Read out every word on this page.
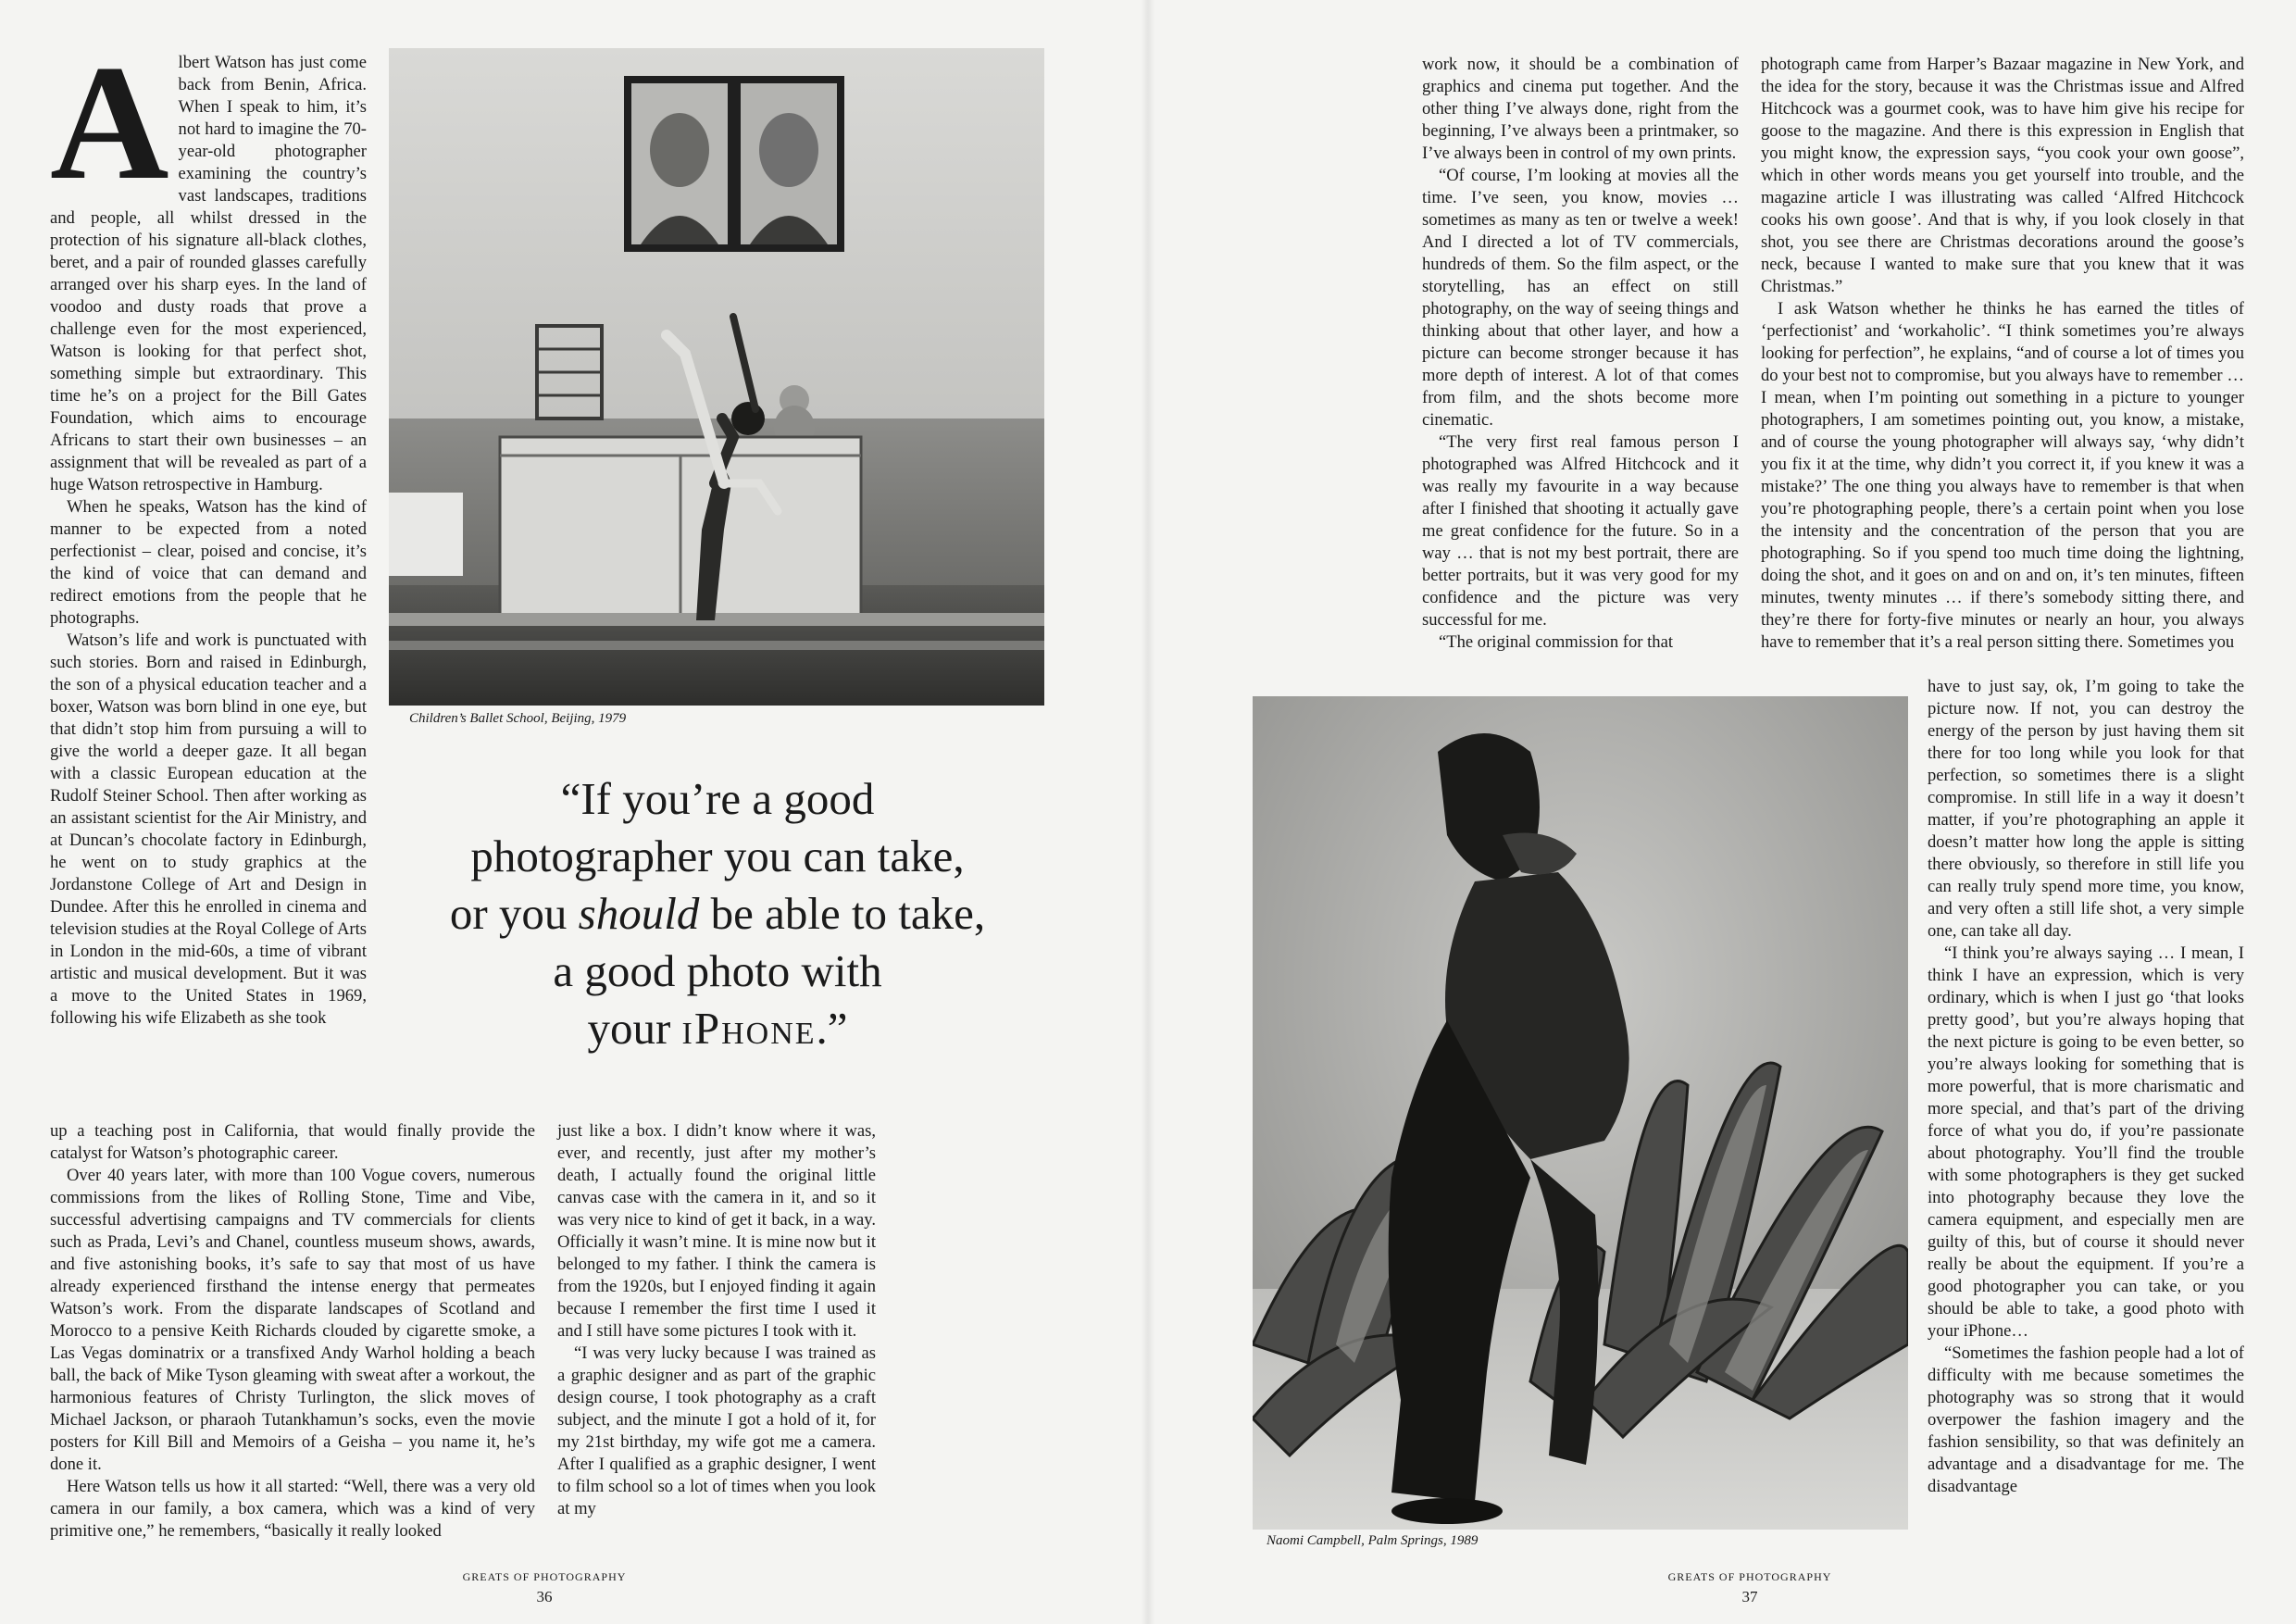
A lbert Watson has just come back from Benin, Africa. When I speak to him, it’s not hard to imagine the 70-year-old photographer examining the country’s vast landscapes, traditions and people, all whilst dressed in the protection of his signature all-black clothes, beret, and a pair of rounded glasses carefully arranged over his sharp eyes. In the land of voodoo and dusty roads that prove a challenge even for the most experienced, Watson is looking for that perfect shot, something simple but extraordinary. This time he’s on a project for the Bill Gates Foundation, which aims to encourage Africans to start their own businesses – an assignment that will be revealed as part of a huge Watson retrospective in Hamburg.

When he speaks, Watson has the kind of manner to be expected from a noted perfectionist – clear, poised and concise, it’s the kind of voice that can demand and redirect emotions from the people that he photographs.

Watson’s life and work is punctuated with such stories. Born and raised in Edinburgh, the son of a physical education teacher and a boxer, Watson was born blind in one eye, but that didn’t stop him from pursuing a will to give the world a deeper gaze. It all began with a classic European education at the Rudolf Steiner School. Then after working as an assistant scientist for the Air Ministry, and at Duncan’s chocolate factory in Edinburgh, he went on to study graphics at the Jordanstone College of Art and Design in Dundee. After this he enrolled in cinema and television studies at the Royal College of Arts in London in the mid-60s, a time of vibrant artistic and musical development. But it was a move to the United States in 1969, following his wife Elizabeth as she took

Children’s Ballet School, Beijing, 1979
“If you’re a good
photographer you can take,
or you should be able to take,
a good photo with
your iPhone.”

up a teaching post in California, that would finally provide the catalyst for Watson’s photographic career.

Over 40 years later, with more than 100 Vogue covers, numerous commissions from the likes of Rolling Stone, Time and Vibe, successful advertising campaigns and TV commercials for clients such as Prada, Levi’s and Chanel, countless museum shows, awards, and five astonishing books, it’s safe to say that most of us have already experienced firsthand the intense energy that permeates Watson’s work. From the disparate landscapes of Scotland and Morocco to a pensive Keith Richards clouded by cigarette smoke, a Las Vegas dominatrix or a transfixed Andy Warhol holding a beach ball, the back of Mike Tyson gleaming with sweat after a workout, the harmonious features of Christy Turlington, the slick moves of Michael Jackson, or pharaoh Tutankhamun’s socks, even the movie posters for Kill Bill and Memoirs of a Geisha – you name it, he’s done it.

Here Watson tells us how it all started: “Well, there was a very old camera in our family, a box camera, which was a kind of very primitive one,” he remembers, “basically it really looked

just like a box. I didn’t know where it was, ever, and recently, just after my mother’s death, I actually found the original little canvas case with the camera in it, and so it was very nice to kind of get it back, in a way. Officially it wasn’t mine. It is mine now but it belonged to my father. I think the camera is from the 1920s, but I enjoyed finding it again because I remember the first time I used it and I still have some pictures I took with it.

“I was very lucky because I was trained as a graphic designer and as part of the graphic design course, I took photography as a craft subject, and the minute I got a hold of it, for my 21st birthday, my wife got me a camera. After I qualified as a graphic designer, I went to film school so a lot of times when you look at my

GREATS OF PHOTOGRAPHY
36

work now, it should be a combination of graphics and cinema put together. And the other thing I’ve always done, right from the beginning, I’ve always been a printmaker, so I’ve always been in control of my own prints.

“Of course, I’m looking at movies all the time. I’ve seen, you know, movies … sometimes as many as ten or twelve a week! And I directed a lot of TV commercials, hundreds of them. So the film aspect, or the storytelling, has an effect on still photography, on the way of seeing things and thinking about that other layer, and how a picture can become stronger because it has more depth of interest. A lot of that comes from film, and the shots become more cinematic.

“The very first real famous person I photographed was Alfred Hitchcock and it was really my favourite in a way because after I finished that shooting it actually gave me great confidence for the future. So in a way … that is not my best portrait, there are better portraits, but it was very good for my confidence and the picture was very successful for me.

“The original commission for that

photograph came from Harper’s Bazaar magazine in New York, and the idea for the story, because it was the Christmas issue and Alfred Hitchcock was a gourmet cook, was to have him give his recipe for goose to the magazine. And there is this expression in English that you might know, the expression says, “you cook your own goose”, which in other words means you get yourself into trouble, and the magazine article I was illustrating was called ‘Alfred Hitchcock cooks his own goose’. And that is why, if you look closely in that shot, you see there are Christmas decorations around the goose’s neck, because I wanted to make sure that you knew that it was Christmas.”

I ask Watson whether he thinks he has earned the titles of ‘perfectionist’ and ‘workaholic’. “I think sometimes you’re always looking for perfection”, he explains, “and of course a lot of times you do your best not to compromise, but you always have to remember … I mean, when I’m pointing out something in a picture to younger photographers, I am sometimes pointing out, you know, a mistake, and of course the young photographer will always say, ‘why didn’t you fix it at the time, why didn’t you correct it, if you knew it was a mistake?’ The one thing you always have to remember is that when you’re photographing people, there’s a certain point when you lose the intensity and the concentration of the person that you are photographing. So if you spend too much time doing the lightning, doing the shot, and it goes on and on and on, it’s ten minutes, fifteen minutes, twenty minutes … if there’s somebody sitting there, and they’re there for forty-five minutes or nearly an hour, you always have to remember that it’s a real person sitting there. Sometimes you

Naomi Campbell, Palm Springs, 1989

have to just say, ok, I’m going to take the picture now. If not, you can destroy the energy of the person by just having them sit there for too long while you look for that perfection, so sometimes there is a slight compromise. In still life in a way it doesn’t matter, if you’re photographing an apple it doesn’t matter how long the apple is sitting there obviously, so therefore in still life you can really truly spend more time, you know, and very often a still life shot, a very simple one, can take all day.

“I think you’re always saying … I mean, I think I have an expression, which is very ordinary, which is when I just go ‘that looks pretty good’, but you’re always hoping that the next picture is going to be even better, so you’re always looking for something that is more powerful, that is more charismatic and more special, and that’s part of the driving force of what you do, if you’re passionate about photography. You’ll find the trouble with some photographers is they get sucked into photography because they love the camera equipment, and especially men are guilty of this, but of course it should never really be about the equipment. If you’re a good photographer you can take, or you should be able to take, a good photo with your iPhone…

“Sometimes the fashion people had a lot of difficulty with me because sometimes the photography was so strong that it would overpower the fashion imagery and the fashion sensibility, so that was definitely an advantage and a disadvantage for me. The disadvantage

GREATS OF PHOTOGRAPHY
37
